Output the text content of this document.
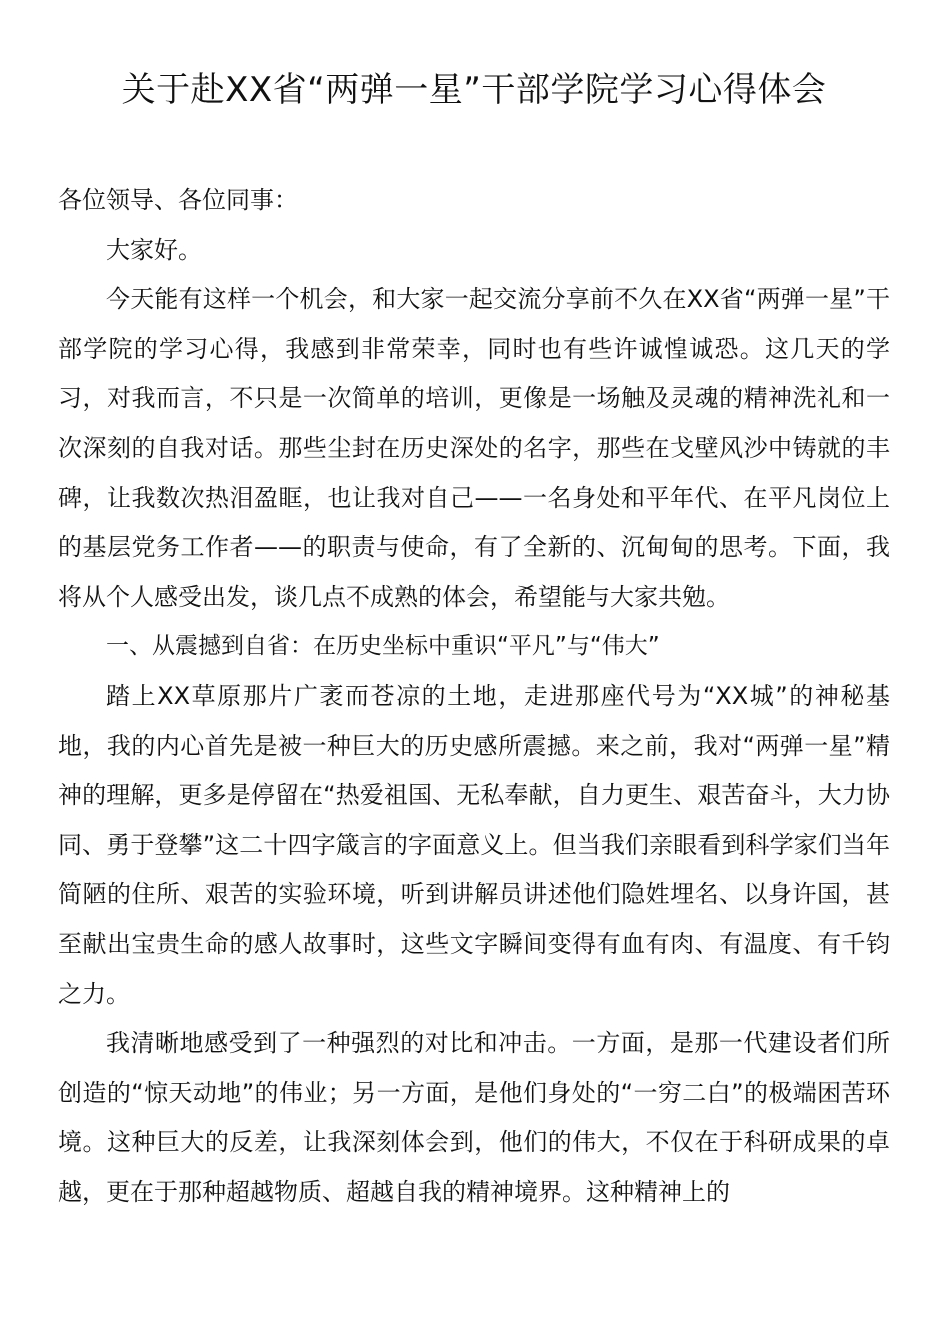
关于赴XX省“两弹一星”干部学院学习心得体会

各位领导、各位同事：

大家好。

今天能有这样一个机会，和大家一起交流分享前不久在XX省“两弹一星”干部学院的学习心得，我感到非常荣幸，同时也有些许诚惶诚恐。这几天的学习，对我而言，不只是一次简单的培训，更像是一场触及灵魂的精神洗礼和一次深刻的自我对话。那些尘封在历史深处的名字，那些在戈壁风沙中铸就的丰碑，让我数次热泪盈眶，也让我对自己——一名身处和平年代、在平凡岗位上的基层党务工作者——的职责与使命，有了全新的、沉甸甸的思考。下面，我将从个人感受出发，谈几点不成熟的体会，希望能与大家共勉。

一、从震撼到自省：在历史坐标中重识“平凡”与“伟大”

踏上XX草原那片广袤而苍凉的土地，走进那座代号为“XX城”的神秘基地，我的内心首先是被一种巨大的历史感所震撼。来之前，我对“两弹一星”精神的理解，更多是停留在“热爱祖国、无私奉献，自力更生、艰苦奋斗，大力协同、勇于登攀”这二十四字箴言的字面意义上。但当我们亲眼看到科学家们当年简陋的住所、艰苦的实验环境，听到讲解员讲述他们隐姓埋名、以身许国，甚至献出宝贵生命的感人故事时，这些文字瞬间变得有血有肉、有温度、有千钧之力。

我清晰地感受到了一种强烈的对比和冲击。一方面，是那一代建设者们所创造的“惊天动地”的伟业；另一方面，是他们身处的“一穷二白”的极端困苦环境。这种巨大的反差，让我深刻体会到，他们的伟大，不仅在于科研成果的卓越，更在于那种超越物质、超越自我的精神境界。这种精神上的
